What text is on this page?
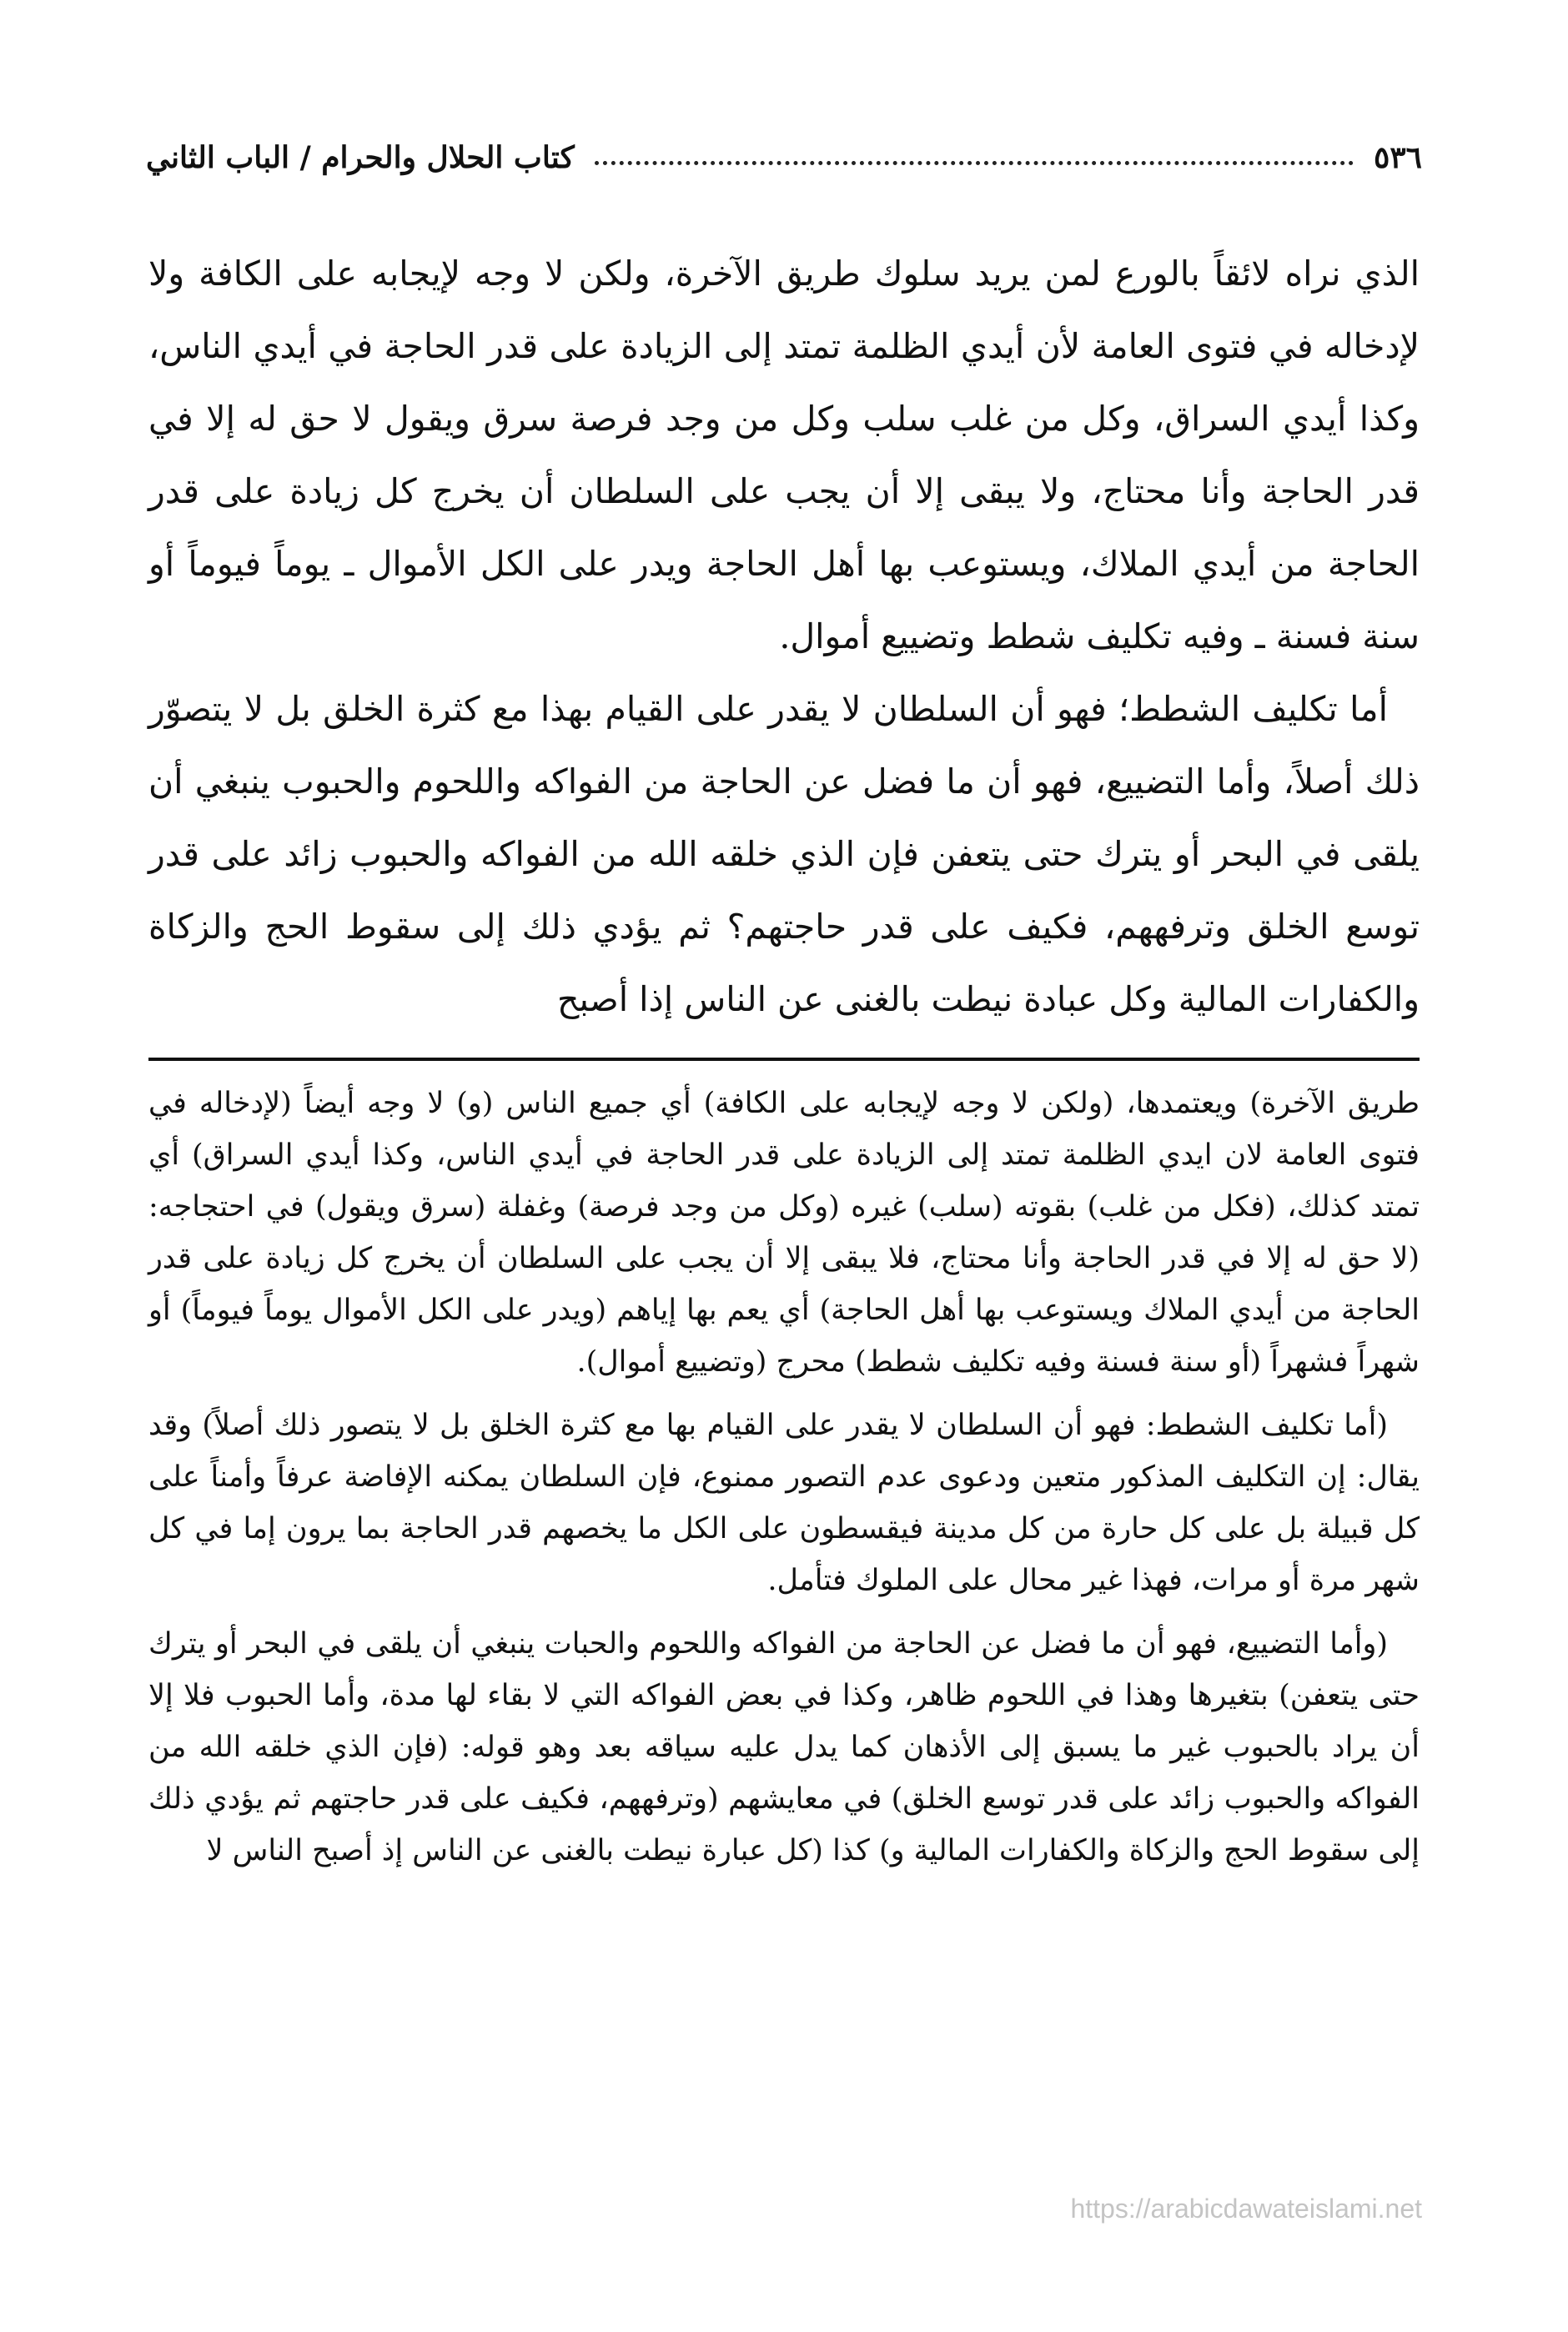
٥٣٦
كتاب الحلال والحرام / الباب الثاني

الذي نراه لائقاً بالورع لمن يريد سلوك طريق الآخرة، ولكن لا وجه لإيجابه على الكافة ولا لإدخاله في فتوى العامة لأن أيدي الظلمة تمتد إلى الزيادة على قدر الحاجة في أيدي الناس، وكذا أيدي السراق، وكل من غلب سلب وكل من وجد فرصة سرق ويقول لا حق له إلا في قدر الحاجة وأنا محتاج، ولا يبقى إلا أن يجب على السلطان أن يخرج كل زيادة على قدر الحاجة من أيدي الملاك، ويستوعب بها أهل الحاجة ويدر على الكل الأموال ـ يوماً فيوماً أو سنة فسنة ـ وفيه تكليف شطط وتضييع أموال.

أما تكليف الشطط؛ فهو أن السلطان لا يقدر على القيام بهذا مع كثرة الخلق بل لا يتصوّر ذلك أصلاً، وأما التضييع، فهو أن ما فضل عن الحاجة من الفواكه واللحوم والحبوب ينبغي أن يلقى في البحر أو يترك حتى يتعفن فإن الذي خلقه الله من الفواكه والحبوب زائد على قدر توسع الخلق وترفههم، فكيف على قدر حاجتهم؟ ثم يؤدي ذلك إلى سقوط الحج والزكاة والكفارات المالية وكل عبادة نيطت بالغنى عن الناس إذا أصبح

طريق الآخرة) ويعتمدها، (ولكن لا وجه لإيجابه على الكافة) أي جميع الناس (و) لا وجه أيضاً (لإدخاله في فتوى العامة لان ايدي الظلمة تمتد إلى الزيادة على قدر الحاجة في أيدي الناس، وكذا أيدي السراق) أي تمتد كذلك، (فكل من غلب) بقوته (سلب) غيره (وكل من وجد فرصة) وغفلة (سرق ويقول) في احتجاجه: (لا حق له إلا في قدر الحاجة وأنا محتاج، فلا يبقى إلا أن يجب على السلطان أن يخرج كل زيادة على قدر الحاجة من أيدي الملاك ويستوعب بها أهل الحاجة) أي يعم بها إياهم (ويدر على الكل الأموال يوماً فيوماً) أو شهراً فشهراً (أو سنة فسنة وفيه تكليف شطط) محرج (وتضييع أموال).

(أما تكليف الشطط: فهو أن السلطان لا يقدر على القيام بها مع كثرة الخلق بل لا يتصور ذلك أصلاً) وقد يقال: إن التكليف المذكور متعين ودعوى عدم التصور ممنوع، فإن السلطان يمكنه الإفاضة عرفاً وأمناً على كل قبيلة بل على كل حارة من كل مدينة فيقسطون على الكل ما يخصهم قدر الحاجة بما يرون إما في كل شهر مرة أو مرات، فهذا غير محال على الملوك فتأمل.

(وأما التضييع، فهو أن ما فضل عن الحاجة من الفواكه واللحوم والحبات ينبغي أن يلقى في البحر أو يترك حتى يتعفن) بتغيرها وهذا في اللحوم ظاهر، وكذا في بعض الفواكه التي لا بقاء لها مدة، وأما الحبوب فلا إلا أن يراد بالحبوب غير ما يسبق إلى الأذهان كما يدل عليه سياقه بعد وهو قوله: (فإن الذي خلقه الله من الفواكه والحبوب زائد على قدر توسع الخلق) في معايشهم (وترفههم، فكيف على قدر حاجتهم ثم يؤدي ذلك إلى سقوط الحج والزكاة والكفارات المالية و) كذا (كل عبارة نيطت بالغنى عن الناس إذ أصبح الناس لا

https://arabicdawateislami.net
